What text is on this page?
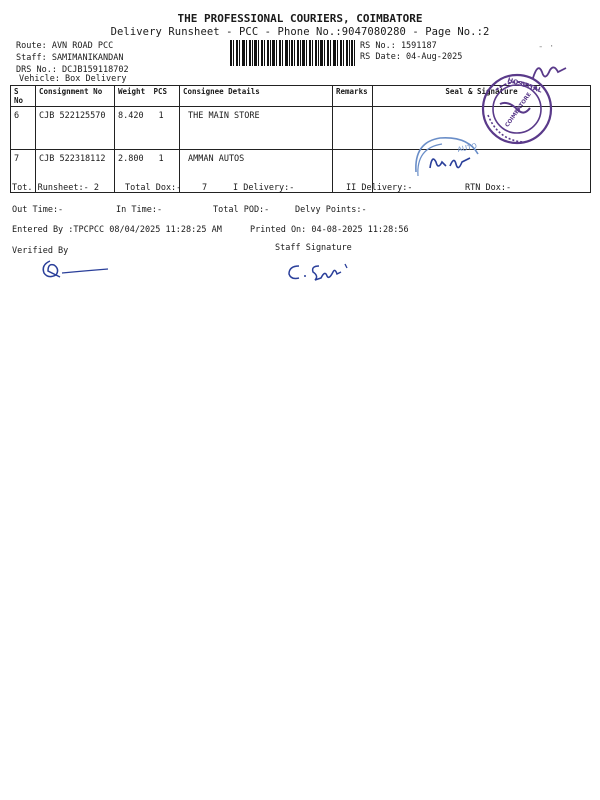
THE PROFESSIONAL COURIERS, COIMBATORE
Delivery Runsheet - PCC - Phone No.:9047080280 - Page No.:2
Route: AVN ROAD PCC
Staff: SAMIMANIKANDAN
DRS No.: DCJB159118702
Vehicle: Box Delivery
RS No.: 1591187
RS Date: 04-Aug-2025
- ·
S No	Consignment No	Weight	PCS	Consignee Details	Remarks	Seal & Signature
6	CJB 522125570	8.420	1	THE MAIN STORE		
7	CJB 522318112	2.800	1	AMMAN AUTOS		
HOSPITAL
COIMBATORE
AUTO
Tot. Runsheet:- 2	Total Dox:- 7	I Delivery:-	II Delivery:-	RTN Dox:-
Out Time:-	In Time:-	Total POD:-	Delvy Points:-
Entered By :TPCPCC 08/04/2025 11:28:25 AM	Printed On: 04-08-2025 11:28:56
Verified By	Staff Signature
